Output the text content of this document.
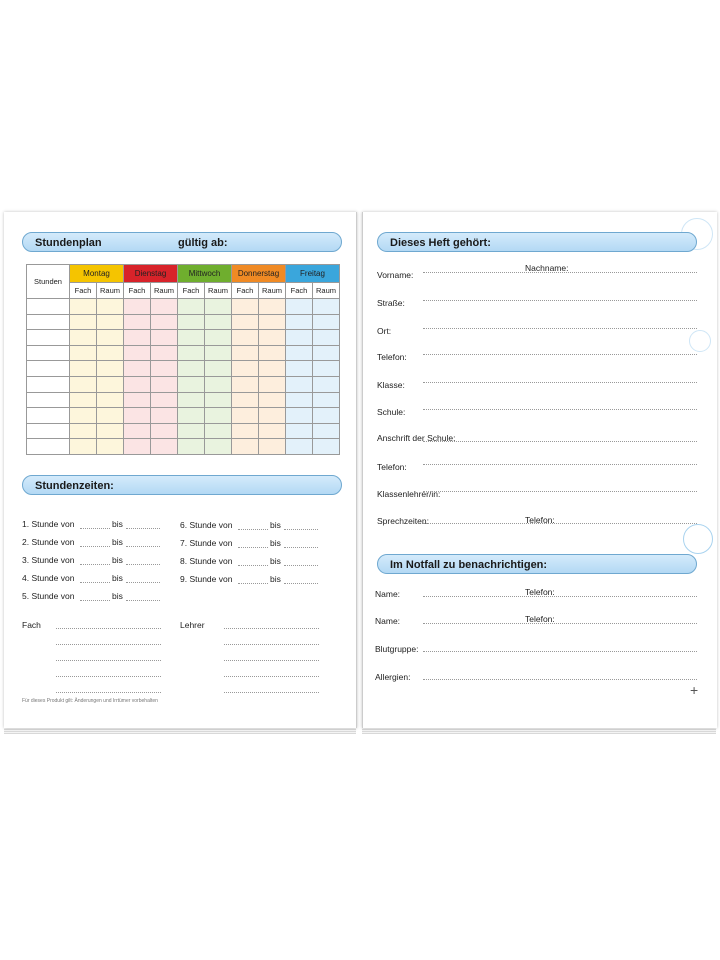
Stundenplan	gültig ab:
Stunden	Montag		Dienstag		Mittwoch		Donnerstag		Freitag	
	Fach	Raum	Fach	Raum	Fach	Raum	Fach	Raum	Fach	Raum

Stundenzeiten:
1. Stunde von	bis
2. Stunde von	bis
3. Stunde von	bis
4. Stunde von	bis
5. Stunde von	bis
6. Stunde von	bis
7. Stunde von	bis
8. Stunde von	bis
9. Stunde von	bis
Fach	Lehrer
Für dieses Produkt gilt: Änderungen und Irrtümer vorbehalten
Dieses Heft gehört:
Vorname:
Nachname:
Straße:
Ort:
Telefon:
Klasse:
Schule:
Anschrift der Schule:
Telefon:
Klassenlehrer/in:
Sprechzeiten:	Telefon:
Im Notfall zu benachrichtigen:
Name:	Telefon:
Name:	Telefon:
Blutgruppe:
Allergien:
+
